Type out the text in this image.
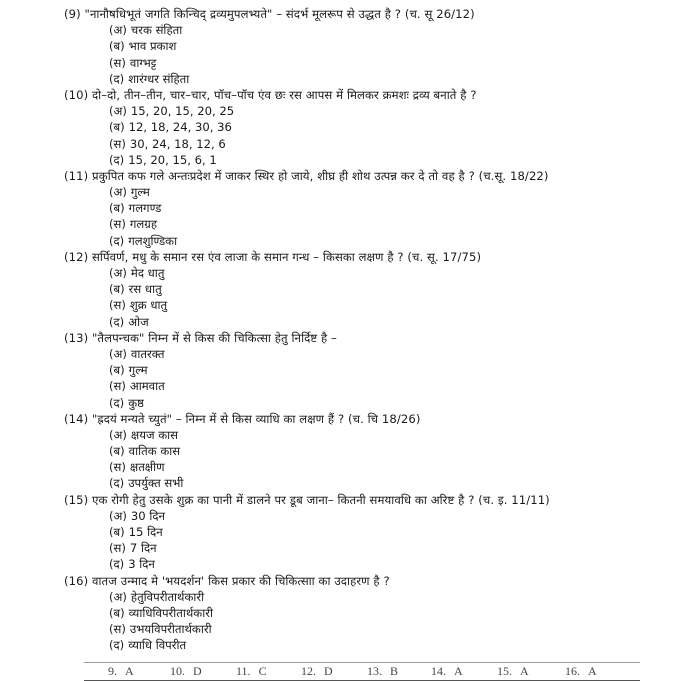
(9) "नानौषधिभूतं जगति किन्चिद् द्रव्यमुपलभ्यते" – संदर्भ मूलरूप से उद्धत है ? (च. सू 26/12)
(अ) चरक संहिता
(ब) भाव प्रकाश
(स) वाग्भट्ट
(द) शारंग्धर संहिता
(10) दो–दो, तीन–तीन, चार–चार, पॉच–पॉच एंव छः रस आपस में मिलकर क्रमशः द्रव्य बनाते है ?
(अ) 15, 20, 15, 20, 25
(ब) 12, 18, 24, 30, 36
(स) 30, 24, 18, 12, 6
(द) 15, 20, 15, 6, 1
(11) प्रकुपित कफ गले अन्तःप्रदेश में जाकर स्थिर हो जाये, शीघ्र ही शोथ उत्पन्न कर दे तो वह है ? (च.सू. 18/22)
(अ) गुल्म
(ब) गलगण्ड
(स) गलग्रह
(द) गलशुण्डिका
(12) सर्पिवर्ण, मधु के समान रस एंव लाजा के समान गन्ध – किसका लक्षण है ? (च. सू. 17/75)
(अ) मेद धातु
(ब) रस धातु
(स) शुक्र धातु
(द) ओज
(13) "तैलपन्चक" निम्न में से किस की चिकित्सा हेतु निर्दिष्ट है –
(अ) वातरक्त
(ब) गुल्म
(स) आमवात
(द) कुष्ठ
(14) "ह्रदयं मन्यते च्युतं" – निम्न में से किस व्याधि का लक्षण हैं ? (च. चि 18/26)
(अ) क्षयज कास
(ब) वातिक कास
(स) क्षतक्षीण
(द) उपर्युक्त सभी
(15) एक रोगी हेतु उसके शुक्र का पानी में डालने पर डूब जाना– कितनी समयावधि का अरिष्ट है ? (च. इ. 11/11)
(अ) 30 दिन
(ब) 15 दिन
(स) 7 दिन
(द) 3 दिन
(16) वातज उन्माद मे 'भयदर्शन' किस प्रकार की चिकित्साा का उदाहरण है ?
(अ) हेतुविपरीतार्थकारी
(ब) व्याधिविपरीतार्थकारी
(स) उभयविपरीतार्थकारी
(द) व्याधि विपरीत
9. A	10. D	11. C	12. D	13. B	14. A	15. A	16. A
